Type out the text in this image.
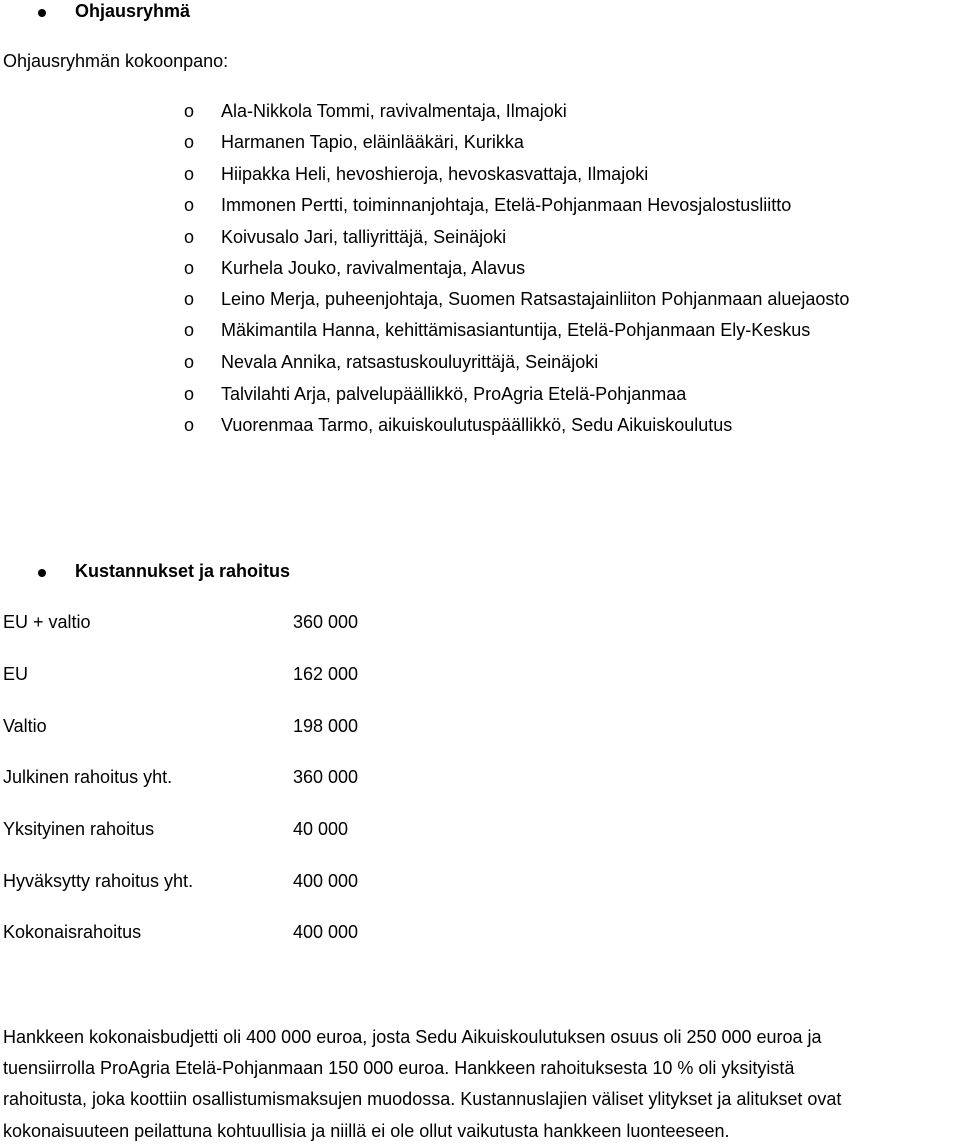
Ohjausryhmä
Ohjausryhmän kokoonpano:
o Ala-Nikkola Tommi, ravivalmentaja, Ilmajoki
o Harmanen Tapio, eläinlääkäri, Kurikka
o Hiipakka Heli, hevoshieroja, hevoskasvattaja, Ilmajoki
o Immonen Pertti, toiminnanjohtaja, Etelä-Pohjanmaan Hevosjalostusliitto
o Koivusalo Jari, talliyrittäjä, Seinäjoki
o Kurhela Jouko, ravivalmentaja, Alavus
o Leino Merja, puheenjohtaja, Suomen Ratsastajainliiton Pohjanmaan aluejaosto
o Mäkimantila Hanna, kehittämisasiantuntija, Etelä-Pohjanmaan Ely-Keskus
o Nevala Annika, ratsastuskouluyrittäjä, Seinäjoki
o Talvilahti Arja, palvelupäällikkö, ProAgria Etelä-Pohjanmaa
o Vuorenmaa Tarmo, aikuiskoulutuspäällikkö, Sedu Aikuiskoulutus
Kustannukset ja rahoitus
EU + valtio	360 000
EU	162 000
Valtio	198 000
Julkinen rahoitus yht.	360 000
Yksityinen rahoitus	40 000
Hyväksytty rahoitus yht.	400 000
Kokonaisrahoitus	400 000
Hankkeen kokonaisbudjetti oli 400 000 euroa, josta Sedu Aikuiskoulutuksen osuus oli 250 000 euroa ja
tuensiirrolla ProAgria Etelä-Pohjanmaan 150 000 euroa. Hankkeen rahoituksesta 10 % oli yksityistä
rahoitusta, joka koottiin osallistumismaksujen muodossa. Kustannuslajien väliset ylitykset ja alitukset ovat
kokonaisuuteen peilattuna kohtuullisia ja niillä ei ole ollut vaikutusta hankkeen luonteeseen.
